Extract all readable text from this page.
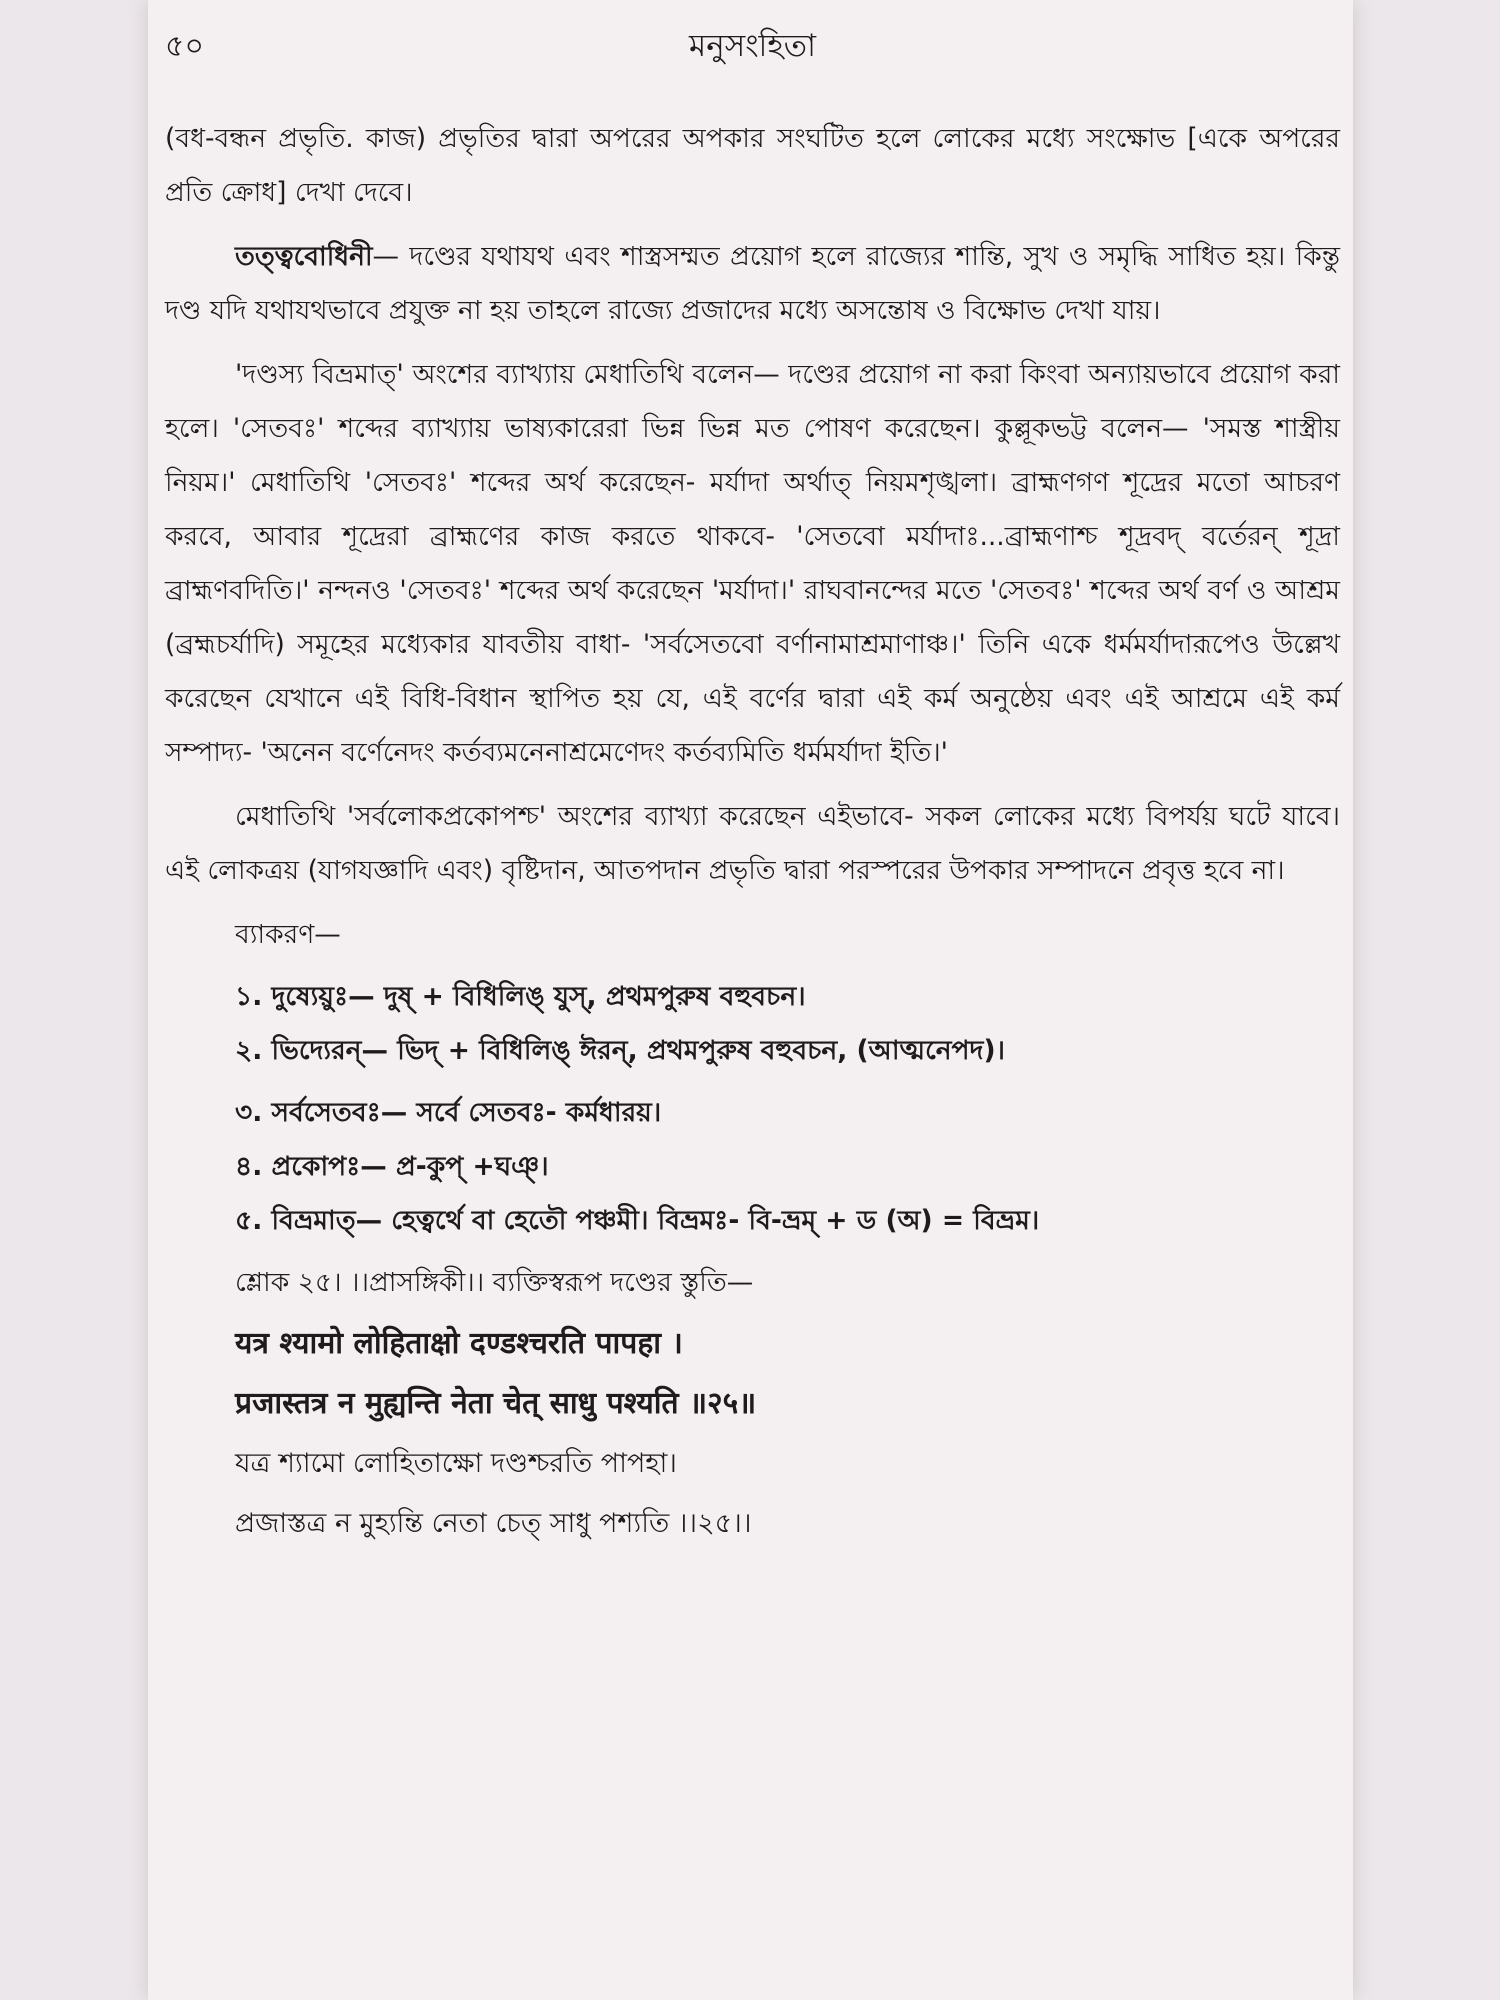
৫০	মনুসংহিতা

(বধ-বন্ধন প্রভৃতি. কাজ) প্রভৃতির দ্বারা অপরের অপকার সংঘটিত হলে লোকের মধ্যে সংক্ষোভ [একে অপরের প্রতি ক্রোধ] দেখা দেবে।

তত্ত্ববোধিনী— দণ্ডের যথাযথ এবং শাস্ত্রসম্মত প্রয়োগ হলে রাজ্যের শান্তি, সুখ ও সমৃদ্ধি সাধিত হয়। কিন্তু দণ্ড যদি যথাযথভাবে প্রযুক্ত না হয় তাহলে রাজ্যে প্রজাদের মধ্যে অসন্তোষ ও বিক্ষোভ দেখা যায়।

'দণ্ডস্য বিভ্রমাত্' অংশের ব্যাখ্যায় মেধাতিথি বলেন— দণ্ডের প্রয়োগ না করা কিংবা অন্যায়ভাবে প্রয়োগ করা হলে। 'সেতবঃ' শব্দের ব্যাখ্যায় ভাষ্যকারেরা ভিন্ন ভিন্ন মত পোষণ করেছেন। কুল্লূকভট্ট বলেন— 'সমস্ত শাস্ত্রীয় নিয়ম।' মেধাতিথি 'সেতবঃ' শব্দের অর্থ করেছেন- মর্যাদা অর্থাত্ নিয়মশৃঙ্খলা। ব্রাহ্মণগণ শূদ্রের মতো আচরণ করবে, আবার শূদ্রেরা ব্রাহ্মণের কাজ করতে থাকবে- 'সেতবো মর্যাদাঃ...ব্রাহ্মণাশ্চ শূদ্রবদ্ বর্তেরন্ শূদ্রা ব্রাহ্মণবদিতি।' নন্দনও 'সেতবঃ' শব্দের অর্থ করেছেন 'মর্যাদা।' রাঘবানন্দের মতে 'সেতবঃ' শব্দের অর্থ বর্ণ ও আশ্রম (ব্রহ্মচর্যাদি) সমূহের মধ্যেকার যাবতীয় বাধা- 'সর্বসেতবো বর্ণানামাশ্রমাণাঞ্চ।' তিনি একে ধর্মমর্যাদারূপেও উল্লেখ করেছেন যেখানে এই বিধি-বিধান স্থাপিত হয় যে, এই বর্ণের দ্বারা এই কর্ম অনুষ্ঠেয় এবং এই আশ্রমে এই কর্ম সম্পাদ্য- 'অনেন বর্ণেনেদং কর্তব্যমনেনাশ্রমেণেদং কর্তব্যমিতি ধর্মমর্যাদা ইতি।'

মেধাতিথি 'সর্বলোকপ্রকোপশ্চ' অংশের ব্যাখ্যা করেছেন এইভাবে- সকল লোকের মধ্যে বিপর্যয় ঘটে যাবে। এই লোকত্রয় (যাগযজ্ঞাদি এবং) বৃষ্টিদান, আতপদান প্রভৃতি দ্বারা পরস্পরের উপকার সম্পাদনে প্রবৃত্ত হবে না।

ব্যাকরণ—
১. দুষ্যেয়ুঃ— দুষ্ + বিধিলিঙ্ যুস্, প্রথমপুরুষ বহুবচন।
২. ভিদ্যেরন্— ভিদ্ + বিধিলিঙ্ ঈরন্, প্রথমপুরুষ বহুবচন, (আত্মনেপদ)।
৩. সর্বসেতবঃ— সর্বে সেতবঃ- কর্মধারয়।
৪. প্রকোপঃ— প্র-কুপ্ +ঘঞ্।
৫. বিভ্রমাত্— হেত্বর্থে বা হেতৌ পঞ্চমী। বিভ্রমঃ- বি-ভ্রম্ + ড (অ) = বিভ্রম।
শ্লোক ২৫। ।।প্রাসঙ্গিকী।। ব্যক্তিস্বরূপ দণ্ডের স্তুতি—
यत्र श्यामो लोहिताक्षो दण्डश्चरति पापहा ।
प्रजास्तत्र न मुह्यन्ति नेता चेत् साधु पश्यति ॥२५॥
যত্র শ্যামো লোহিতাক্ষো দণ্ডশ্চরতি পাপহা।
প্রজাস্তত্র ন মুহ্যন্তি নেতা চেত্ সাধু পশ্যতি ।।২৫।।
